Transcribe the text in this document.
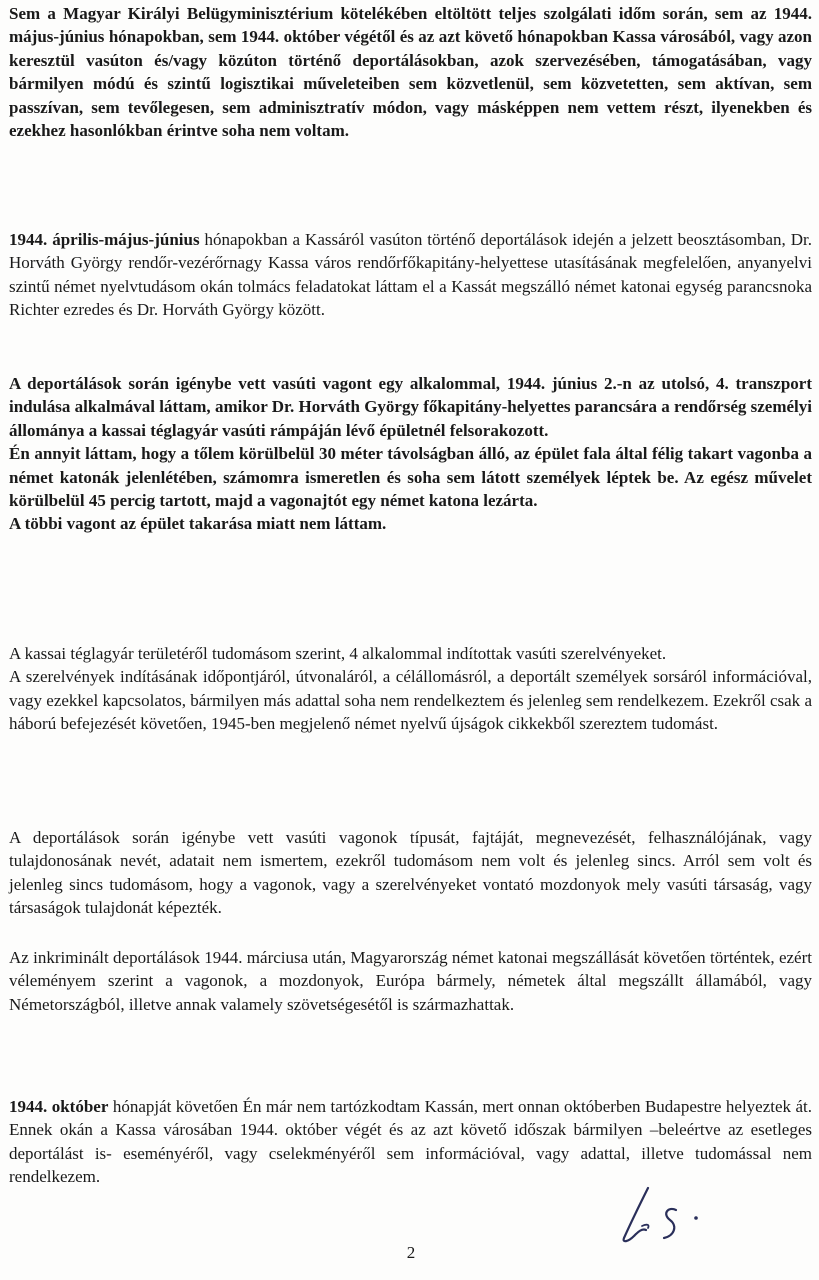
Sem a Magyar Királyi Belügyminisztérium kötelékében eltöltött teljes szolgálati időm során, sem az 1944. május-június hónapokban, sem 1944. október végétől és az azt követő hónapokban Kassa városából, vagy azon keresztül vasúton és/vagy közúton történő deportálásokban, azok szervezésében, támogatásában, vagy bármilyen módú és szintű logisztikai műveleteiben sem közvetlenül, sem közvetetten, sem aktívan, sem passzívan, sem tevőlegesen, sem adminisztratív módon, vagy másképpen nem vettem részt, ilyenekben és ezekhez hasonlókban érintve soha nem voltam.

1944. április-május-június hónapokban a Kassáról vasúton történő deportálások idején a jelzett beosztásomban, Dr. Horváth György rendőr-vezérőrnagy Kassa város rendőrfőkapitány-helyettese utasításának megfelelően, anyanyelvi szintű német nyelvtudásom okán tolmács feladatokat láttam el a Kassát megszálló német katonai egység parancsnoka Richter ezredes és Dr. Horváth György között.

A deportálások során igénybe vett vasúti vagont egy alkalommal, 1944. június 2.-n az utolsó, 4. transzport indulása alkalmával láttam, amikor Dr. Horváth György főkapitány-helyettes parancsára a rendőrség személyi állománya a kassai téglagyár vasúti rámpáján lévő épületnél felsorakozott.

Én annyit láttam, hogy a tőlem körülbelül 30 méter távolságban álló, az épület fala által félig takart vagonba a német katonák jelenlétében, számomra ismeretlen és soha sem látott személyek léptek be. Az egész művelet körülbelül 45 percig tartott, majd a vagonajtót egy német katona lezárta.

A többi vagont az épület takarása miatt nem láttam.

A kassai téglagyár területéről tudomásom szerint, 4 alkalommal indítottak vasúti szerelvényeket.

A szerelvények indításának időpontjáról, útvonaláról, a célállomásról, a deportált személyek sorsáról információval, vagy ezekkel kapcsolatos, bármilyen más adattal soha nem rendelkeztem és jelenleg sem rendelkezem. Ezekről csak a háború befejezését követően, 1945-ben megjelenő német nyelvű újságok cikkekből szereztem tudomást.

A deportálások során igénybe vett vasúti vagonok típusát, fajtáját, megnevezését, felhasználójának, vagy tulajdonosának nevét, adatait nem ismertem, ezekről tudomásom nem volt és jelenleg sincs. Arról sem volt és jelenleg sincs tudomásom, hogy a vagonok, vagy a szerelvényeket vontató mozdonyok mely vasúti társaság, vagy társaságok tulajdonát képezték.

Az inkriminált deportálások 1944. márciusa után, Magyarország német katonai megszállását követően történtek, ezért véleményem szerint a vagonok, a mozdonyok, Európa bármely, németek által megszállt államából, vagy Németországból, illetve annak valamely szövetségesétől is származhattak.

1944. október hónapját követően Én már nem tartózkodtam Kassán, mert onnan októberben Budapestre helyeztek át. Ennek okán a Kassa városában 1944. október végét és az azt követő időszak bármilyen –beleértve az esetleges deportálást is- eseményéről, vagy cselekményéről sem információval, vagy adattal, illetve tudomással nem rendelkezem.

2
